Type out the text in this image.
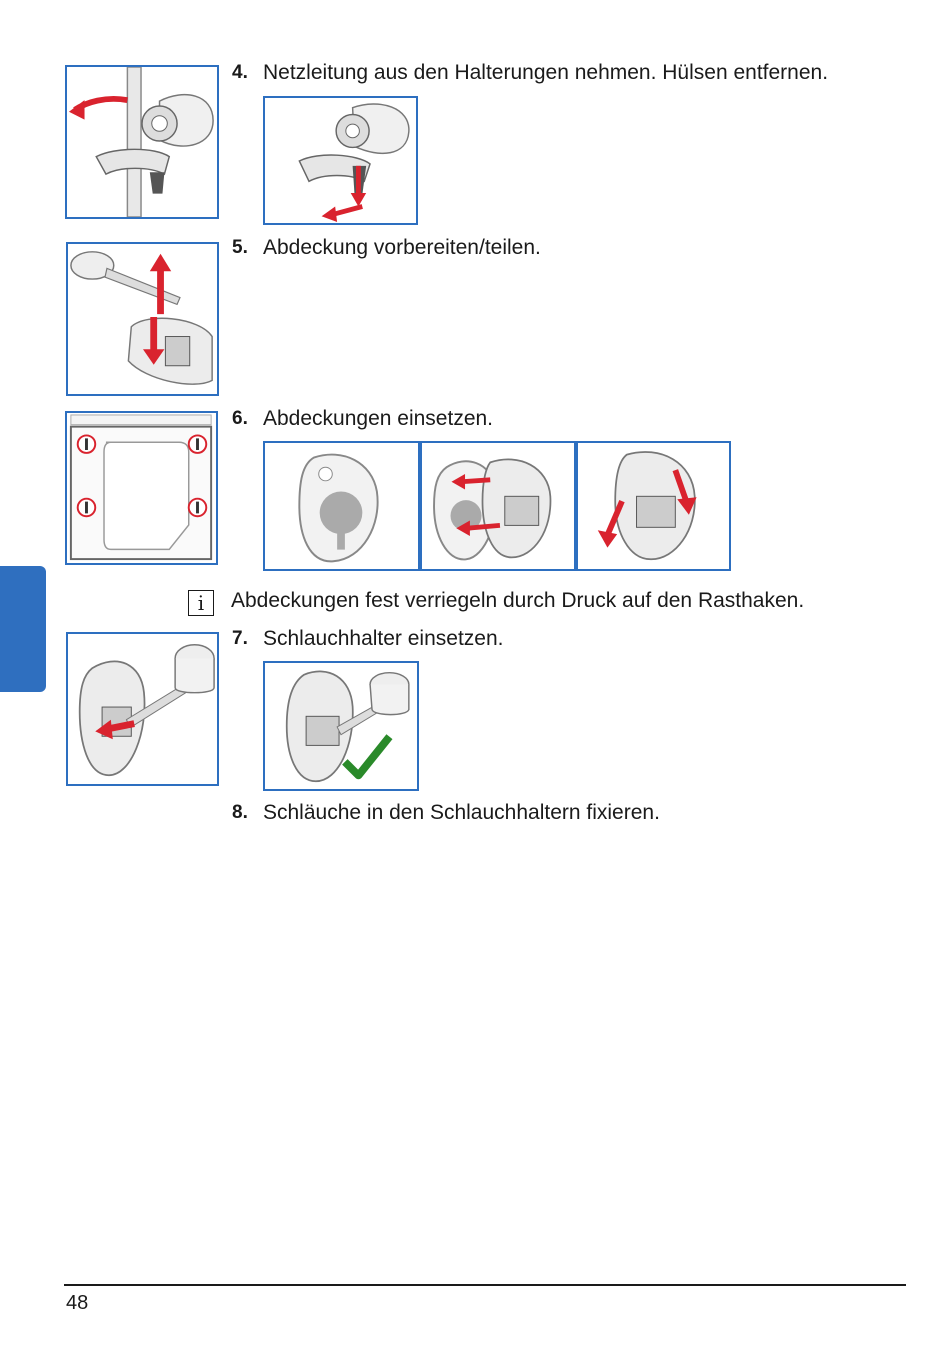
4. Netzleitung aus den Halterungen nehmen. Hülsen entfernen.
5. Abdeckung vorbereiten/teilen.
6. Abdeckungen einsetzen.
i	Abdeckungen fest verriegeln durch Druck auf den Rasthaken.
7. Schlauchhalter einsetzen.
8. Schläuche in den Schlauchhaltern fixieren.
48
